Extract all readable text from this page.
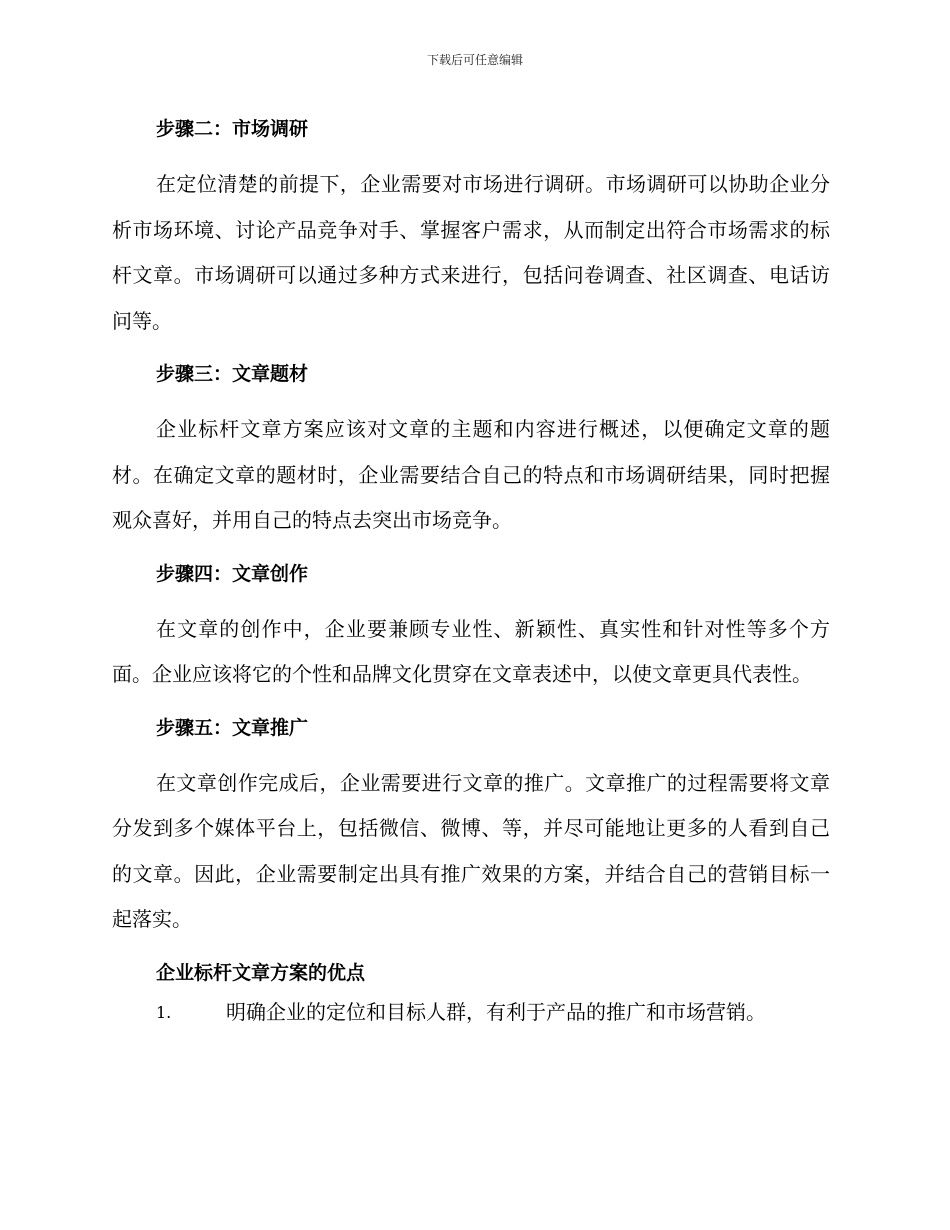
下载后可任意编辑
步骤二：市场调研

在定位清楚的前提下，企业需要对市场进行调研。市场调研可以协助企业分析市场环境、讨论产品竞争对手、掌握客户需求，从而制定出符合市场需求的标杆文章。市场调研可以通过多种方式来进行，包括问卷调查、社区调查、电话访问等。

步骤三：文章题材

企业标杆文章方案应该对文章的主题和内容进行概述，以便确定文章的题材。在确定文章的题材时，企业需要结合自己的特点和市场调研结果，同时把握观众喜好，并用自己的特点去突出市场竞争。

步骤四：文章创作

在文章的创作中，企业要兼顾专业性、新颖性、真实性和针对性等多个方面。企业应该将它的个性和品牌文化贯穿在文章表述中，以使文章更具代表性。

步骤五：文章推广

在文章创作完成后，企业需要进行文章的推广。文章推广的过程需要将文章分发到多个媒体平台上，包括微信、微博、等，并尽可能地让更多的人看到自己的文章。因此，企业需要制定出具有推广效果的方案，并结合自己的营销目标一起落实。

企业标杆文章方案的优点
1.	明确企业的定位和目标人群，有利于产品的推广和市场营销。
